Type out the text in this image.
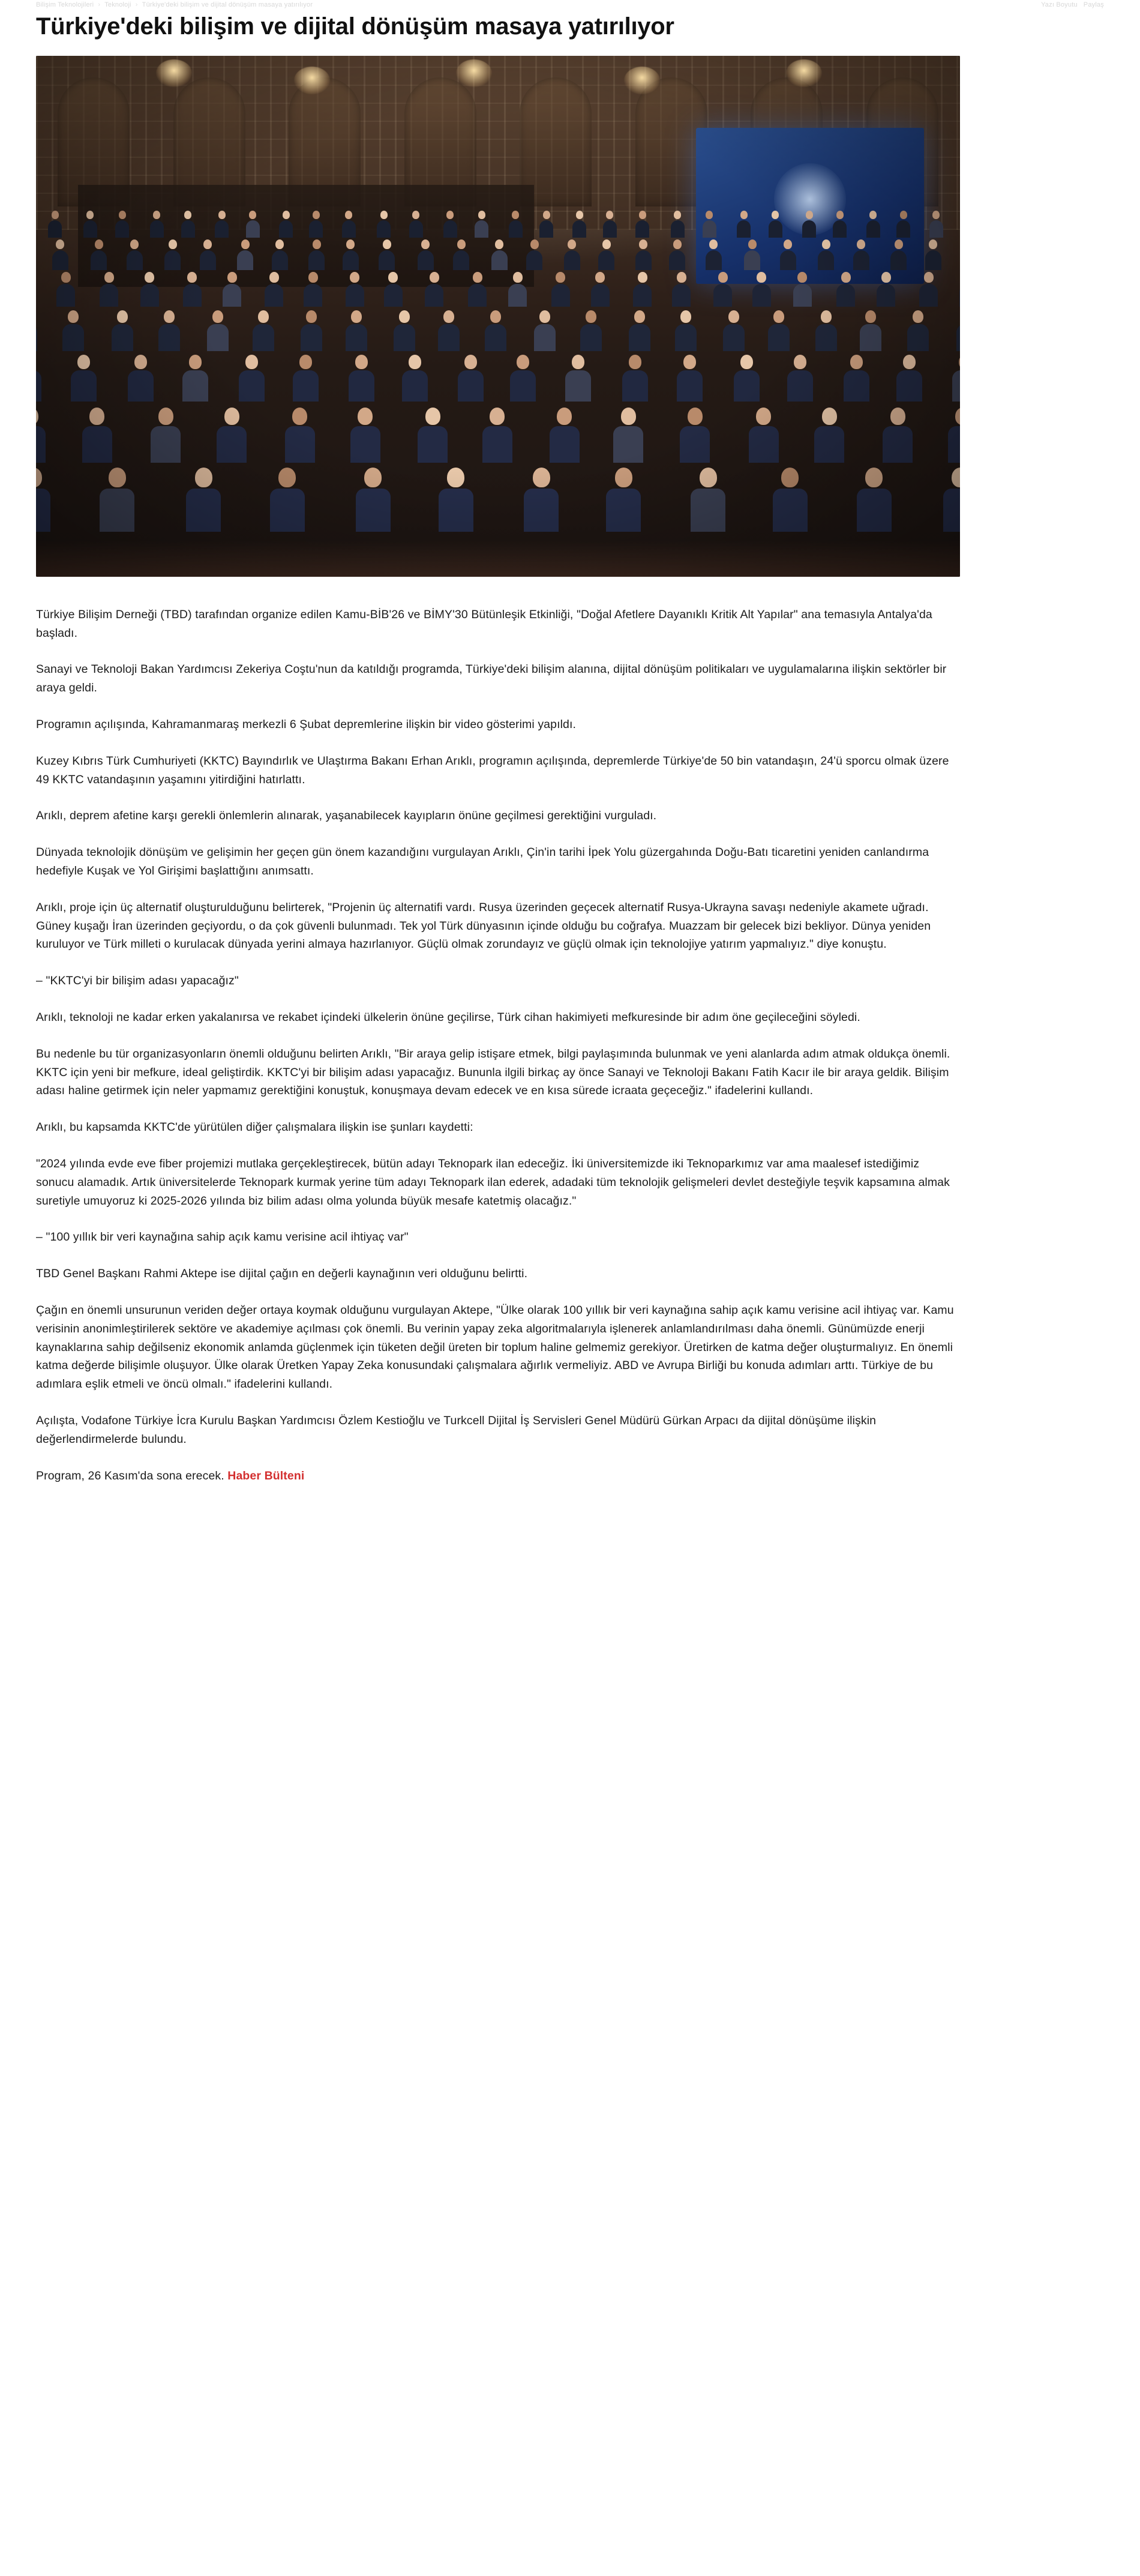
Bilişim Teknolojileri › Teknoloji › Türkiye'deki bilişim ve dijital dönüşüm masaya yatırılıyor	Yazı Boyutu Paylaş
Türkiye'deki bilişim ve dijital dönüşüm masaya yatırılıyor

Türkiye Bilişim Derneği (TBD) tarafından organize edilen Kamu-BİB'26 ve BİMY'30 Bütünleşik Etkinliği, "Doğal Afetlere Dayanıklı Kritik Alt Yapılar" ana temasıyla Antalya'da başladı.

Sanayi ve Teknoloji Bakan Yardımcısı Zekeriya Coştu'nun da katıldığı programda, Türkiye'deki bilişim alanına, dijital dönüşüm politikaları ve uygulamalarına ilişkin sektörler bir araya geldi.

Programın açılışında, Kahramanmaraş merkezli 6 Şubat depremlerine ilişkin bir video gösterimi yapıldı.

Kuzey Kıbrıs Türk Cumhuriyeti (KKTC) Bayındırlık ve Ulaştırma Bakanı Erhan Arıklı, programın açılışında, depremlerde Türkiye'de 50 bin vatandaşın, 24'ü sporcu olmak üzere 49 KKTC vatandaşının yaşamını yitirdiğini hatırlattı.

Arıklı, deprem afetine karşı gerekli önlemlerin alınarak, yaşanabilecek kayıpların önüne geçilmesi gerektiğini vurguladı.

Dünyada teknolojik dönüşüm ve gelişimin her geçen gün önem kazandığını vurgulayan Arıklı, Çin'in tarihi İpek Yolu güzergahında Doğu-Batı ticaretini yeniden canlandırma hedefiyle Kuşak ve Yol Girişimi başlattığını anımsattı.

Arıklı, proje için üç alternatif oluşturulduğunu belirterek, "Projenin üç alternatifi vardı. Rusya üzerinden geçecek alternatif Rusya-Ukrayna savaşı nedeniyle akamete uğradı. Güney kuşağı İran üzerinden geçiyordu, o da çok güvenli bulunmadı. Tek yol Türk dünyasının içinde olduğu bu coğrafya. Muazzam bir gelecek bizi bekliyor. Dünya yeniden kuruluyor ve Türk milleti o kurulacak dünyada yerini almaya hazırlanıyor. Güçlü olmak zorundayız ve güçlü olmak için teknolojiye yatırım yapmalıyız." diye konuştu.

– "KKTC'yi bir bilişim adası yapacağız"

Arıklı, teknoloji ne kadar erken yakalanırsa ve rekabet içindeki ülkelerin önüne geçilirse, Türk cihan hakimiyeti mefkuresinde bir adım öne geçileceğini söyledi.

Bu nedenle bu tür organizasyonların önemli olduğunu belirten Arıklı, "Bir araya gelip istişare etmek, bilgi paylaşımında bulunmak ve yeni alanlarda adım atmak oldukça önemli. KKTC için yeni bir mefkure, ideal geliştirdik. KKTC'yi bir bilişim adası yapacağız. Bununla ilgili birkaç ay önce Sanayi ve Teknoloji Bakanı Fatih Kacır ile bir araya geldik. Bilişim adası haline getirmek için neler yapmamız gerektiğini konuştuk, konuşmaya devam edecek ve en kısa sürede icraata geçeceğiz." ifadelerini kullandı.

Arıklı, bu kapsamda KKTC'de yürütülen diğer çalışmalara ilişkin ise şunları kaydetti:

"2024 yılında evde eve fiber projemizi mutlaka gerçekleştirecek, bütün adayı Teknopark ilan edeceğiz. İki üniversitemizde iki Teknoparkımız var ama maalesef istediğimiz sonucu alamadık. Artık üniversitelerde Teknopark kurmak yerine tüm adayı Teknopark ilan ederek, adadaki tüm teknolojik gelişmeleri devlet desteğiyle teşvik kapsamına almak suretiyle umuyoruz ki 2025-2026 yılında biz bilim adası olma yolunda büyük mesafe katetmiş olacağız."

– "100 yıllık bir veri kaynağına sahip açık kamu verisine acil ihtiyaç var"

TBD Genel Başkanı Rahmi Aktepe ise dijital çağın en değerli kaynağının veri olduğunu belirtti.

Çağın en önemli unsurunun veriden değer ortaya koymak olduğunu vurgulayan Aktepe, "Ülke olarak 100 yıllık bir veri kaynağına sahip açık kamu verisine acil ihtiyaç var. Kamu verisinin anonimleştirilerek sektöre ve akademiye açılması çok önemli. Bu verinin yapay zeka algoritmalarıyla işlenerek anlamlandırılması daha önemli. Günümüzde enerji kaynaklarına sahip değilseniz ekonomik anlamda güçlenmek için tüketen değil üreten bir toplum haline gelmemiz gerekiyor. Üretirken de katma değer oluşturmalıyız. En önemli katma değerde bilişimle oluşuyor. Ülke olarak Üretken Yapay Zeka konusundaki çalışmalara ağırlık vermeliyiz. ABD ve Avrupa Birliği bu konuda adımları arttı. Türkiye de bu adımlara eşlik etmeli ve öncü olmalı." ifadelerini kullandı.

Açılışta, Vodafone Türkiye İcra Kurulu Başkan Yardımcısı Özlem Kestioğlu ve Turkcell Dijital İş Servisleri Genel Müdürü Gürkan Arpacı da dijital dönüşüme ilişkin değerlendirmelerde bulundu.

Program, 26 Kasım'da sona erecek. Haber Bülteni
